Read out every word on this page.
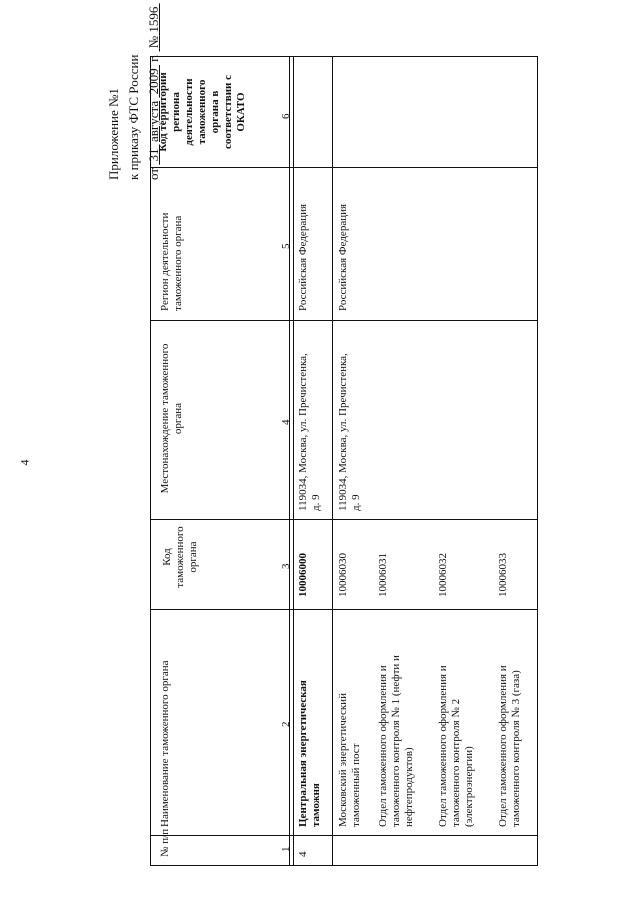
4
Приложение №1 к приказу ФТС России от  31  августа  2009  г.  № 1596
№ п/п
Наименование таможенного органа
Код таможенного органа
Местонахождение таможенного органа
Регион деятельности таможенного органа
Код территории региона деятельности таможенного органа в соответствии с ОКАТО
1
2
3
4
5
6
4
Центральная энергетическая таможня
10006000
119034, Москва, ул. Пречистенка, д. 9
Российская Федерация
Московский энергетический таможенный пост
10006030
119034, Москва, ул. Пречистенка, д. 9
Российская Федерация
Отдел таможенного оформления и таможенного контроля № 1 (нефти и нефтепродуктов)
10006031
Отдел таможенного оформления и таможенного контроля № 2 (электроэнергии)
10006032
Отдел таможенного оформления и таможенного контроля № 3 (газа)
10006033
